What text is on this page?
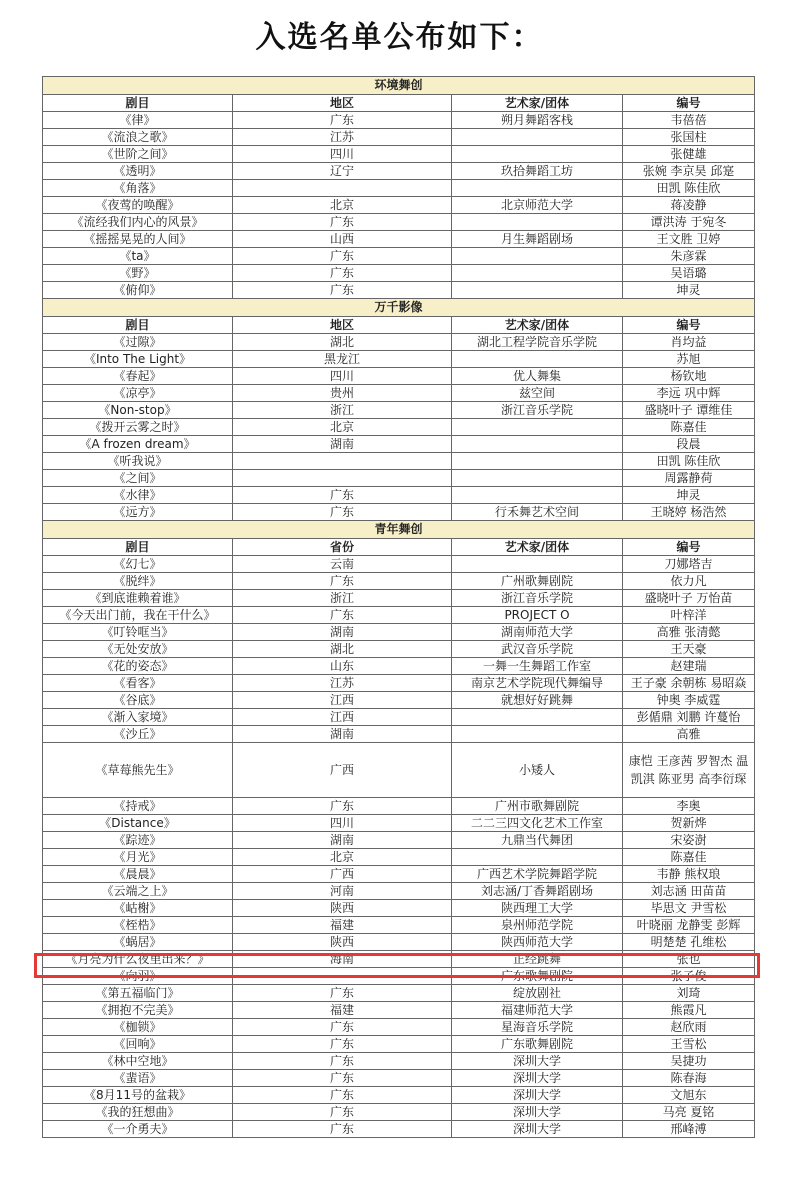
入选名单公布如下：
环境舞创			
剧目	地区	艺术家/团体	编号
《律》	广东	朔月舞蹈客栈	韦蓓蓓
《流浪之歌》	江苏		张国柱
《世阶之间》	四川		张健雄
《透明》	辽宁	玖拾舞蹈工坊	张婉 李京昊 邱寔
《角落》			田凯 陈佳欣
《夜莺的唤醒》	北京	北京师范大学	蒋凌静
《流经我们内心的风景》	广东		谭洪涛 于宛冬
《摇摇晃晃的人间》	山西	月生舞蹈剧场	王文胜 卫婷
《ta》	广东		朱彦霖
《野》	广东		吴语璐
《俯仰》	广东		坤灵
万千影像			
剧目	地区	艺术家/团体	编号
《过隙》	湖北	湖北工程学院音乐学院	肖均益
《Into The Light》	黑龙江		苏旭
《春起》	四川	优人舞集	杨钦地
《凉亭》	贵州	兹空间	李远 巩中辉
《Non-stop》	浙江	浙江音乐学院	盛晓叶子 谭维佳
《拨开云雾之时》	北京		陈嘉佳
《A frozen dream》	湖南		段晨
《听我说》			田凯 陈佳欣
《之间》			周露静荷
《水律》	广东		坤灵
《远方》	广东	行禾舞艺术空间	王晓婷 杨浩然
青年舞创			
剧目	省份	艺术家/团体	编号
《幻七》	云南		刀娜塔吉
《脱绊》	广东	广州歌舞剧院	依力凡
《到底谁赖着谁》	浙江	浙江音乐学院	盛晓叶子 万怡苗
《今天出门前，我在干什么》	广东	PROJECT O	叶梓洋
《叮铃哐当》	湖南	湖南师范大学	高雅 张清懿
《无处安放》	湖北	武汉音乐学院	王天豪
《花的姿态》	山东	一舞一生舞蹈工作室	赵建瑞
《看客》	江苏	南京艺术学院现代舞编导	王子豪 余朝栋 易昭焱
《谷底》	江西	就想好好跳舞	钟奥 李威霆
《渐入家境》	江西		彭偱鼎 刘鹏 许蔓怡
《沙丘》	湖南		高雅
《草莓熊先生》	广西	小矮人	康恺 王彦茜 罗智杰 温凯淇 陈亚男 高李衍琛
《持戒》	广东	广州市歌舞剧院	李奥
《Distance》	四川	二二三四文化艺术工作室	贺新烨
《踪迹》	湖南	九鼎当代舞团	宋姿澍
《月光》	北京		陈嘉佳
《晨晨》	广西	广西艺术学院舞蹈学院	韦静 熊权琅
《云端之上》	河南	刘志涵/丁香舞蹈剧场	刘志涵 田苗苗
《岵榭》	陕西	陕西理工大学	毕思文 尹雪松
《桎梏》	福建	泉州师范学院	叶晓丽 龙静雯 彭辉
《蜗居》	陕西	陕西师范大学	明楚楚 孔维松
《月亮为什么夜里出来？》	海南	正经跳舞	张也
《向羽》		广东歌舞剧院	张子俊
《第五福临门》	广东	绽放剧社	刘琦
《拥抱不完美》	福建	福建师范大学	熊霞凡
《枷锁》	广东	星海音乐学院	赵欣雨
《回响》	广东	广东歌舞剧院	王雪松
《林中空地》	广东	深圳大学	吴捷功
《蜚语》	广东	深圳大学	陈春海
《8月11号的盆栽》	广东	深圳大学	文旭东
《我的狂想曲》	广东	深圳大学	马亮 夏铭
《一介勇夫》	广东	深圳大学	邢峰溥
